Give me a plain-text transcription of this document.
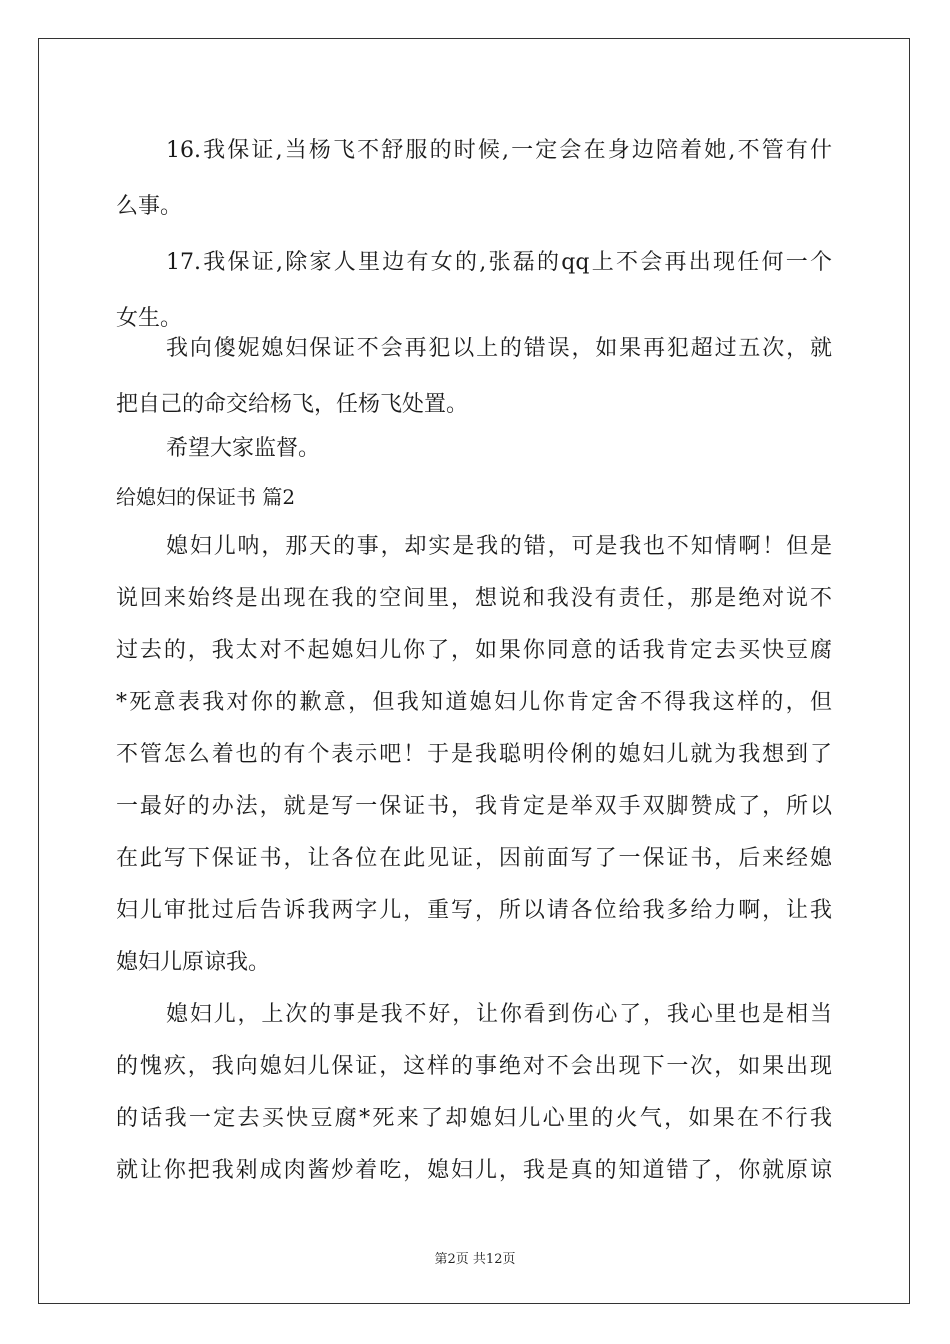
16.我保证,当杨飞不舒服的时候,一定会在身边陪着她,不管有什
么事。
17.我保证,除家人里边有女的,张磊的qq上不会再出现任何一个
女生。
我向傻妮媳妇保证不会再犯以上的错误，如果再犯超过五次，就
把自己的命交给杨飞，任杨飞处置。
希望大家监督。
给媳妇的保证书 篇2
媳妇儿呐，那天的事，却实是我的错，可是我也不知情啊！但是
说回来始终是出现在我的空间里，想说和我没有责任，那是绝对说不
过去的，我太对不起媳妇儿你了，如果你同意的话我肯定去买快豆腐
*死意表我对你的歉意，但我知道媳妇儿你肯定舍不得我这样的，但
不管怎么着也的有个表示吧！于是我聪明伶俐的媳妇儿就为我想到了
一最好的办法，就是写一保证书，我肯定是举双手双脚赞成了，所以
在此写下保证书，让各位在此见证，因前面写了一保证书，后来经媳
妇儿审批过后告诉我两字儿，重写，所以请各位给我多给力啊，让我
媳妇儿原谅我。
媳妇儿，上次的事是我不好，让你看到伤心了，我心里也是相当
的愧疚，我向媳妇儿保证，这样的事绝对不会出现下一次，如果出现
的话我一定去买快豆腐*死来了却媳妇儿心里的火气，如果在不行我
就让你把我剁成肉酱炒着吃，媳妇儿，我是真的知道错了，你就原谅
第2页 共12页
